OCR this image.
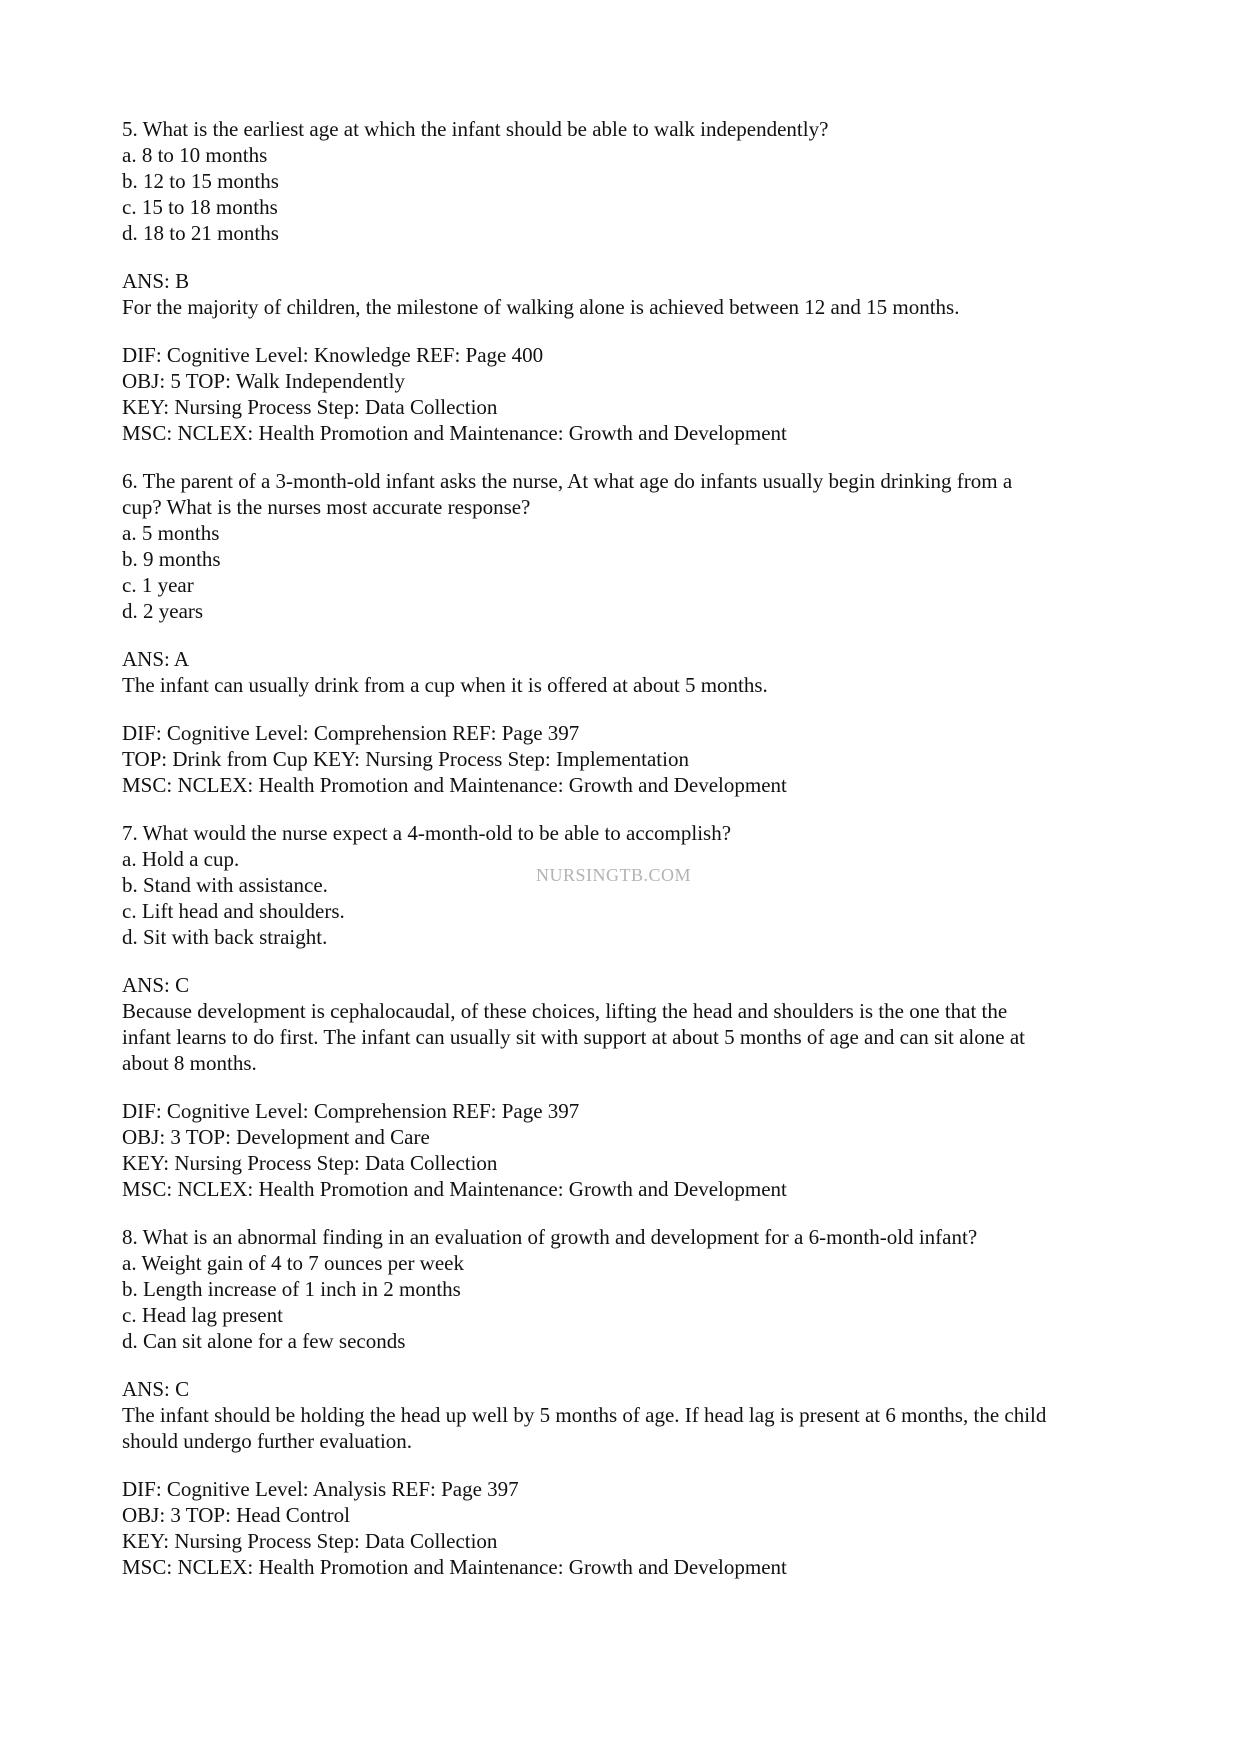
5. What is the earliest age at which the infant should be able to walk independently?
a. 8 to 10 months
b. 12 to 15 months
c. 15 to 18 months
d. 18 to 21 months
ANS: B
For the majority of children, the milestone of walking alone is achieved between 12 and 15 months.
DIF: Cognitive Level: Knowledge REF: Page 400
OBJ: 5 TOP: Walk Independently
KEY: Nursing Process Step: Data Collection
MSC: NCLEX: Health Promotion and Maintenance: Growth and Development
6. The parent of a 3-month-old infant asks the nurse, At what age do infants usually begin drinking from a
cup? What is the nurses most accurate response?
a. 5 months
b. 9 months
c. 1 year
d. 2 years
ANS: A
The infant can usually drink from a cup when it is offered at about 5 months.
DIF: Cognitive Level: Comprehension REF: Page 397
TOP: Drink from Cup KEY: Nursing Process Step: Implementation
MSC: NCLEX: Health Promotion and Maintenance: Growth and Development
7. What would the nurse expect a 4-month-old to be able to accomplish?
a. Hold a cup.
b. Stand with assistance.
c. Lift head and shoulders.
d. Sit with back straight.
ANS: C
Because development is cephalocaudal, of these choices, lifting the head and shoulders is the one that the
infant learns to do first. The infant can usually sit with support at about 5 months of age and can sit alone at
about 8 months.
DIF: Cognitive Level: Comprehension REF: Page 397
OBJ: 3 TOP: Development and Care
KEY: Nursing Process Step: Data Collection
MSC: NCLEX: Health Promotion and Maintenance: Growth and Development
8. What is an abnormal finding in an evaluation of growth and development for a 6-month-old infant?
a. Weight gain of 4 to 7 ounces per week
b. Length increase of 1 inch in 2 months
c. Head lag present
d. Can sit alone for a few seconds
ANS: C
The infant should be holding the head up well by 5 months of age. If head lag is present at 6 months, the child
should undergo further evaluation.
DIF: Cognitive Level: Analysis REF: Page 397
OBJ: 3 TOP: Head Control
KEY: Nursing Process Step: Data Collection
MSC: NCLEX: Health Promotion and Maintenance: Growth and Development
NURSINGTB.COM
